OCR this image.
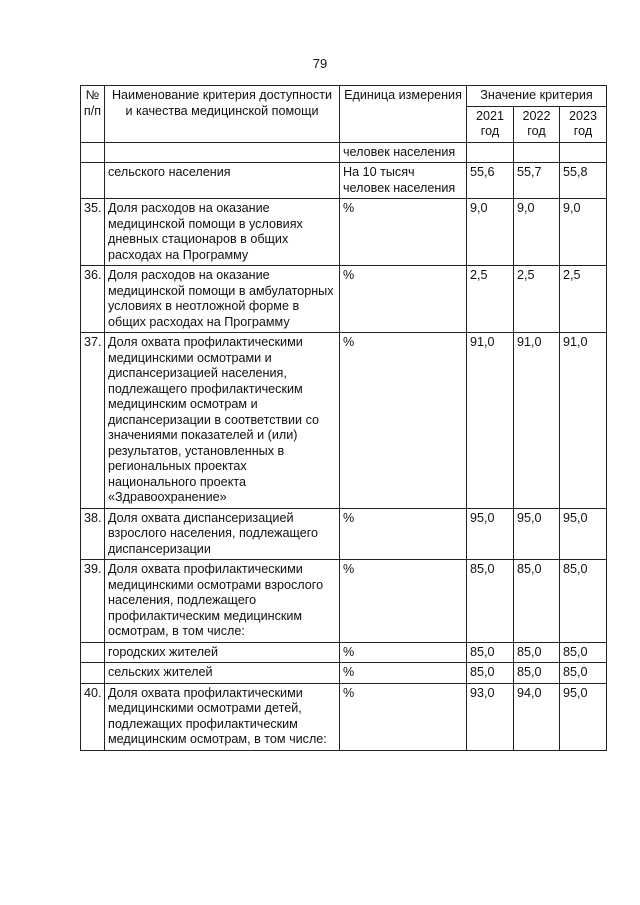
79
№ п/п	Наименование критерия доступности и качества медицинской помощи	Единица измерения	Значение критерия		
			2021 год	2022 год	2023 год
		человек населения			
	сельского населения	На 10 тысяч человек населения	55,6	55,7	55,8
35.	Доля расходов на оказание медицинской помощи в условиях дневных стационаров в общих расходах на Программу	%	9,0	9,0	9,0
36.	Доля расходов на оказание медицинской помощи в амбулаторных условиях в неотложной форме в общих расходах на Программу	%	2,5	2,5	2,5
37.	Доля охвата профилактическими медицинскими осмотрами и диспансеризацией населения, подлежащего профилактическим медицинским осмотрам и диспансеризации в соответствии со значениями показателей и (или) результатов, установленных в региональных проектах национального проекта «Здравоохранение»	%	91,0	91,0	91,0
38.	Доля охвата диспансеризацией взрослого населения, подлежащего диспансеризации	%	95,0	95,0	95,0
39.	Доля охвата профилактическими медицинскими осмотрами взрослого населения, подлежащего профилактическим медицинским осмотрам, в том числе:	%	85,0	85,0	85,0
	городских жителей	%	85,0	85,0	85,0
	сельских жителей	%	85,0	85,0	85,0
40.	Доля охвата профилактическими медицинскими осмотрами детей, подлежащих профилактическим медицинским осмотрам, в том числе:	%	93,0	94,0	95,0
